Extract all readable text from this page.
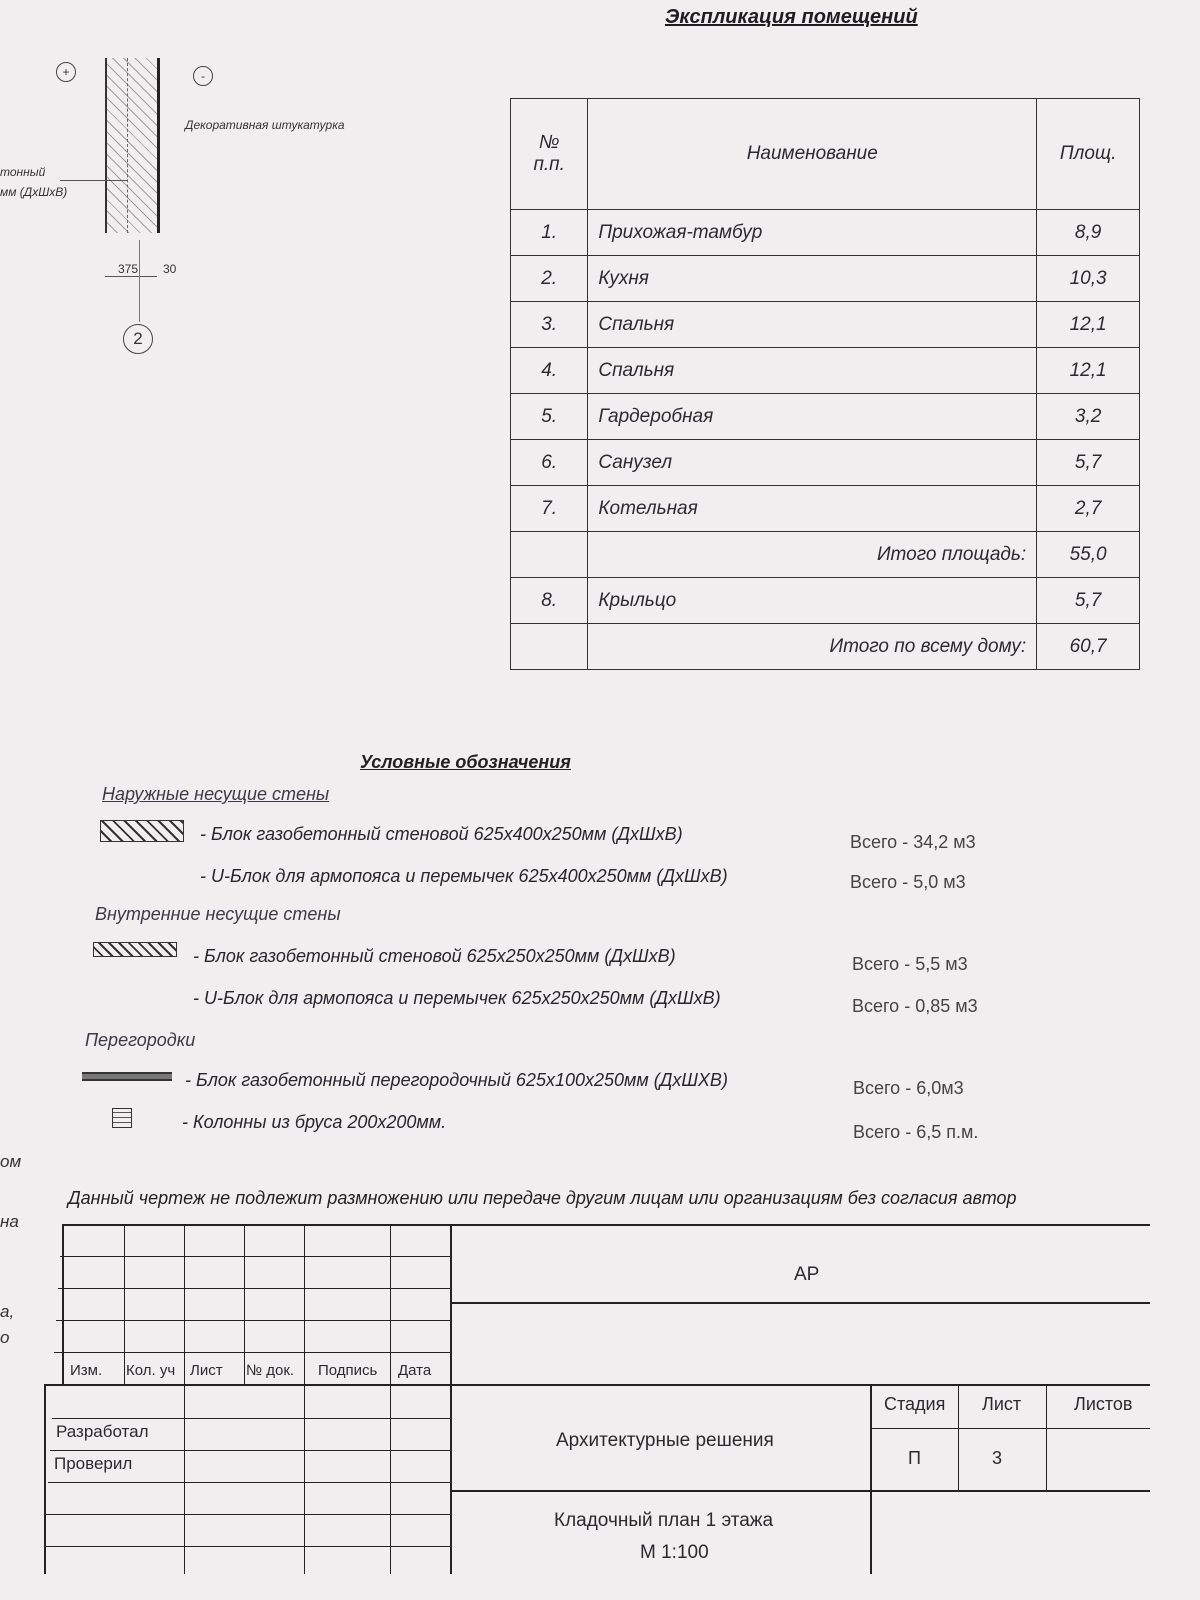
Экспликация помещений
+	-
Декоративная штукатурка
тонный
мм (ДхШхВ)
375 30
2
№ п.п.	Наименование	Площ.
1.	Прихожая-тамбур	8,9
2.	Кухня	10,3
3.	Спальня	12,1
4.	Спальня	12,1
5.	Гардеробная	3,2
6.	Санузел	5,7
7.	Котельная	2,7
	Итого площадь:	55,0
8.	Крыльцо	5,7
	Итого по всему дому:	60,7
Условные обозначения
Наружные несущие стены
- Блок газобетонный стеновой 625х400х250мм (ДхШхВ)	Всего - 34,2 м3
- U-Блок для армопояса и перемычек 625х400х250мм (ДхШхВ)	Всего - 5,0 м3
Внутренние несущие стены
- Блок газобетонный стеновой 625х250х250мм (ДхШхВ)	Всего - 5,5 м3
- U-Блок для армопояса и перемычек 625х250х250мм (ДхШхВ)	Всего - 0,85 м3
Перегородки
- Блок газобетонный перегородочный 625х100х250мм (ДхШХВ)	Всего - 6,0м3
- Колонны из бруса 200х200мм.	Всего - 6,5 п.м.
ом
на
а,
о
Данный чертеж не подлежит размножению или передаче другим лицам или организациям без согласия автор
АР
Изм. Кол. уч Лист № док. Подпись Дата
Разработал
Проверил
Архитектурные решения
Стадия Лист	Листов
П	3
Кладочный план 1 этажа
М 1:100
